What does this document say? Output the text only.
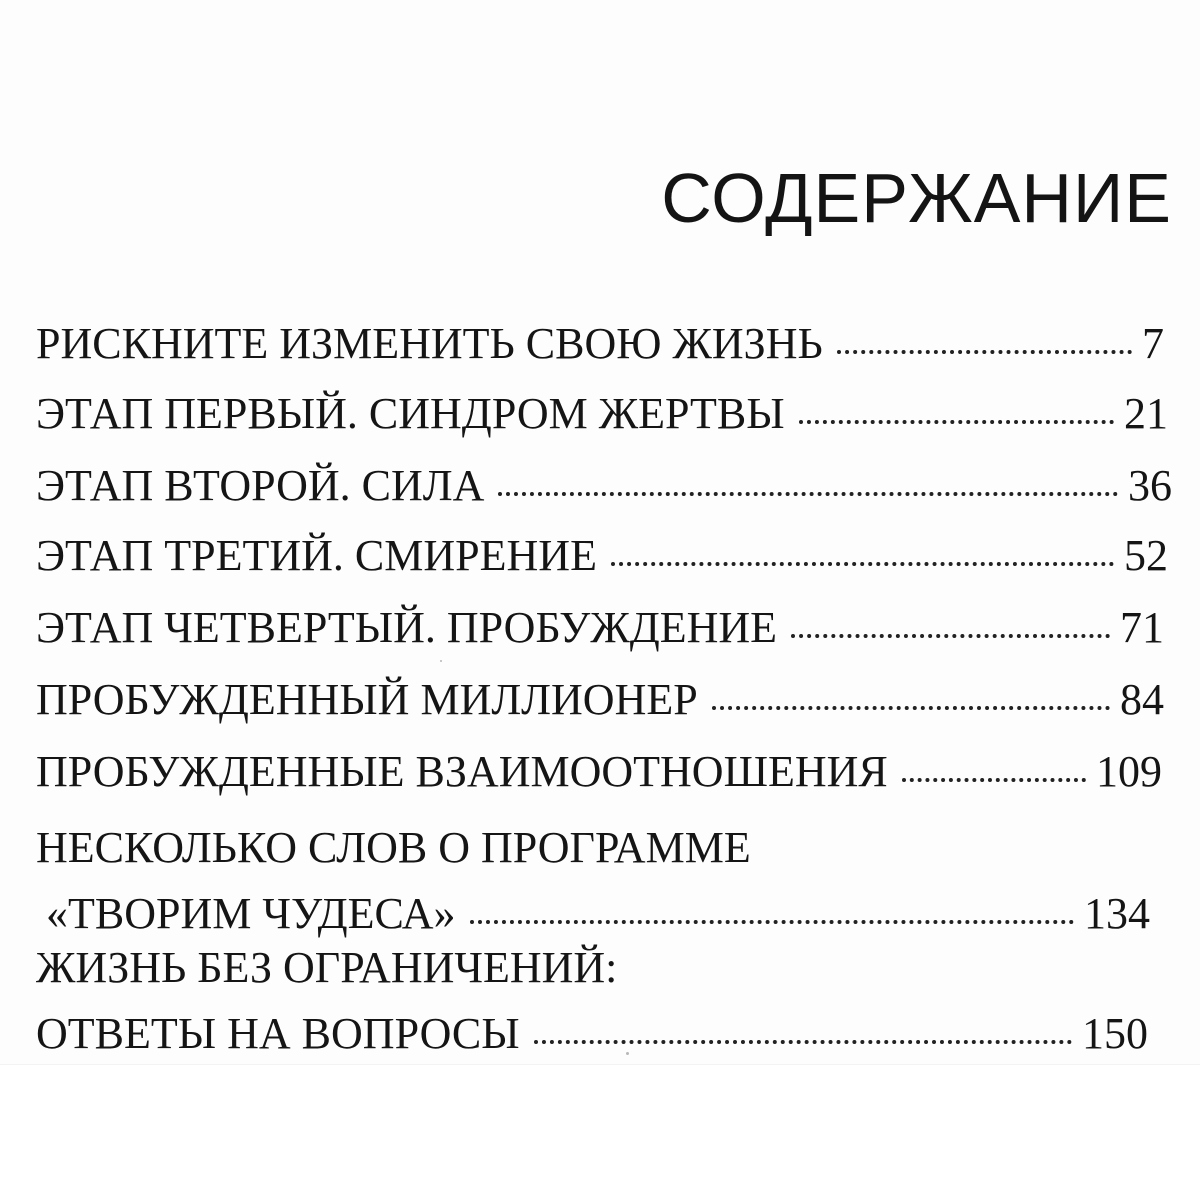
СОДЕРЖАНИЕ
РИСКНИТЕ ИЗМЕНИТЬ СВОЮ ЖИЗНЬ	7
ЭТАП ПЕРВЫЙ. СИНДРОМ ЖЕРТВЫ	21
ЭТАП ВТОРОЙ. СИЛА	36
ЭТАП ТРЕТИЙ. СМИРЕНИЕ	52
ЭТАП ЧЕТВЕРТЫЙ. ПРОБУЖДЕНИЕ	71
ПРОБУЖДЕННЫЙ МИЛЛИОНЕР	84
ПРОБУЖДЕННЫЕ ВЗАИМООТНОШЕНИЯ	109
НЕСКОЛЬКО СЛОВ О ПРОГРАММЕ
«ТВОРИМ ЧУДЕСА»	134
ЖИЗНЬ БЕЗ ОГРАНИЧЕНИЙ:
ОТВЕТЫ НА ВОПРОСЫ	150
